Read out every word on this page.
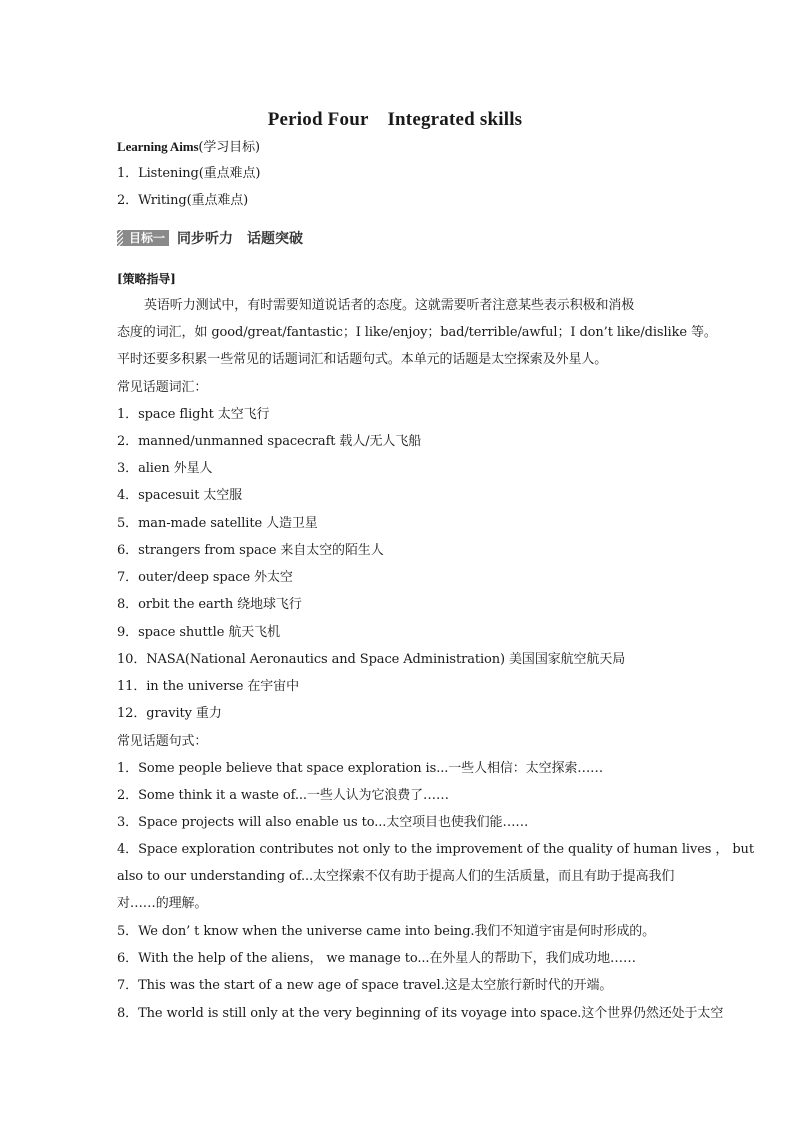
Period Four　Integrated skills
Learning Aims(学习目标)
1．Listening(重点难点)
2．Writing(重点难点)
目标一 同步听力　话题突破
[策略指导]
英语听力测试中，有时需要知道说话者的态度。这就需要听者注意某些表示积极和消极
态度的词汇，如 good/great/fantastic；I like/enjoy；bad/terrible/awful；I don’t like/dislike 等。
平时还要多积累一些常见的话题词汇和话题句式。本单元的话题是太空探索及外星人。
常见话题词汇：
1．space flight 太空飞行
2．manned/unmanned spacecraft 载人/无人飞船
3．alien 外星人
4．spacesuit 太空服
5．man-made satellite 人造卫星
6．strangers from space 来自太空的陌生人
7．outer/deep space 外太空
8．orbit the earth 绕地球飞行
9．space shuttle 航天飞机
10．NASA(National Aeronautics and Space Administration) 美国国家航空航天局
11．in the universe 在宇宙中
12．gravity 重力
常见话题句式：
1．Some people believe that space exploration is...一些人相信：太空探索……
2．Some think it a waste of...一些人认为它浪费了……
3．Space projects will also enable us to...太空项目也使我们能……
4．Space exploration contributes not only to the improvement of the quality of human lives ， but
also to our understanding of...太空探索不仅有助于提高人们的生活质量，而且有助于提高我们
对……的理解。
5．We don’ t know when the universe came into being.我们不知道宇宙是何时形成的。
6．With the help of the aliens， we manage to...在外星人的帮助下，我们成功地……
7．This was the start of a new age of space travel.这是太空旅行新时代的开端。
8．The world is still only at the very beginning of its voyage into space.这个世界仍然还处于太空
